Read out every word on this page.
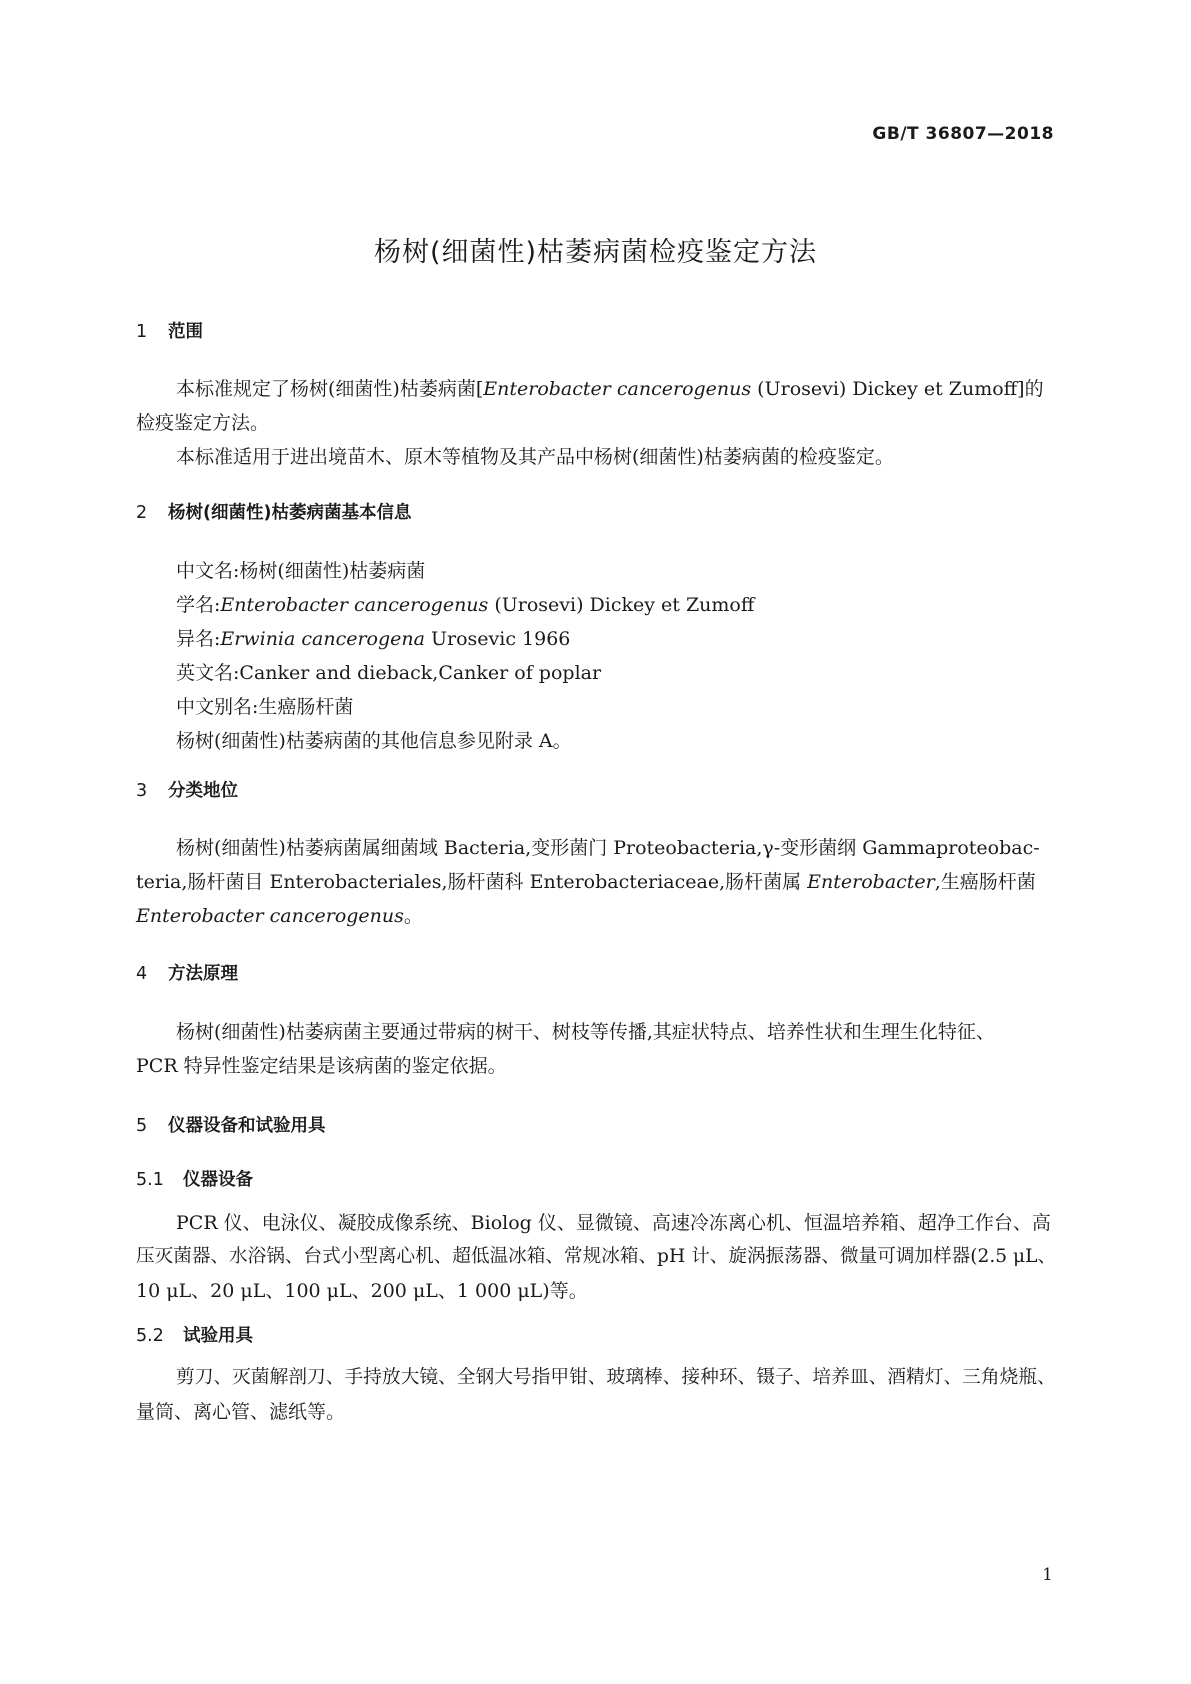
GB/T 36807—2018
杨树(细菌性)枯萎病菌检疫鉴定方法
1 范围
本标准规定了杨树(细菌性)枯萎病菌[Enterobacter cancerogenus (Urosevi) Dickey et Zumoff]的
检疫鉴定方法。
本标准适用于进出境苗木、原木等植物及其产品中杨树(细菌性)枯萎病菌的检疫鉴定。
2 杨树(细菌性)枯萎病菌基本信息
中文名:杨树(细菌性)枯萎病菌
学名:Enterobacter cancerogenus (Urosevi) Dickey et Zumoff
异名:Erwinia cancerogena Urosevic 1966
英文名:Canker and dieback,Canker of poplar
中文别名:生癌肠杆菌
杨树(细菌性)枯萎病菌的其他信息参见附录 A。
3 分类地位
杨树(细菌性)枯萎病菌属细菌域 Bacteria,变形菌门 Proteobacteria,γ-变形菌纲 Gammaproteobac-
teria,肠杆菌目 Enterobacteriales,肠杆菌科 Enterobacteriaceae,肠杆菌属 Enterobacter,生癌肠杆菌
Enterobacter cancerogenus。
4 方法原理
杨树(细菌性)枯萎病菌主要通过带病的树干、树枝等传播,其症状特点、培养性状和生理生化特征、
PCR 特异性鉴定结果是该病菌的鉴定依据。
5 仪器设备和试验用具
5.1 仪器设备
PCR 仪、电泳仪、凝胶成像系统、Biolog 仪、显微镜、高速冷冻离心机、恒温培养箱、超净工作台、高
压灭菌器、水浴锅、台式小型离心机、超低温冰箱、常规冰箱、pH 计、旋涡振荡器、微量可调加样器(2.5 μL、
10 μL、20 μL、100 μL、200 μL、1 000 μL)等。
5.2 试验用具
剪刀、灭菌解剖刀、手持放大镜、全钢大号指甲钳、玻璃棒、接种环、镊子、培养皿、酒精灯、三角烧瓶、
量筒、离心管、滤纸等。
1
